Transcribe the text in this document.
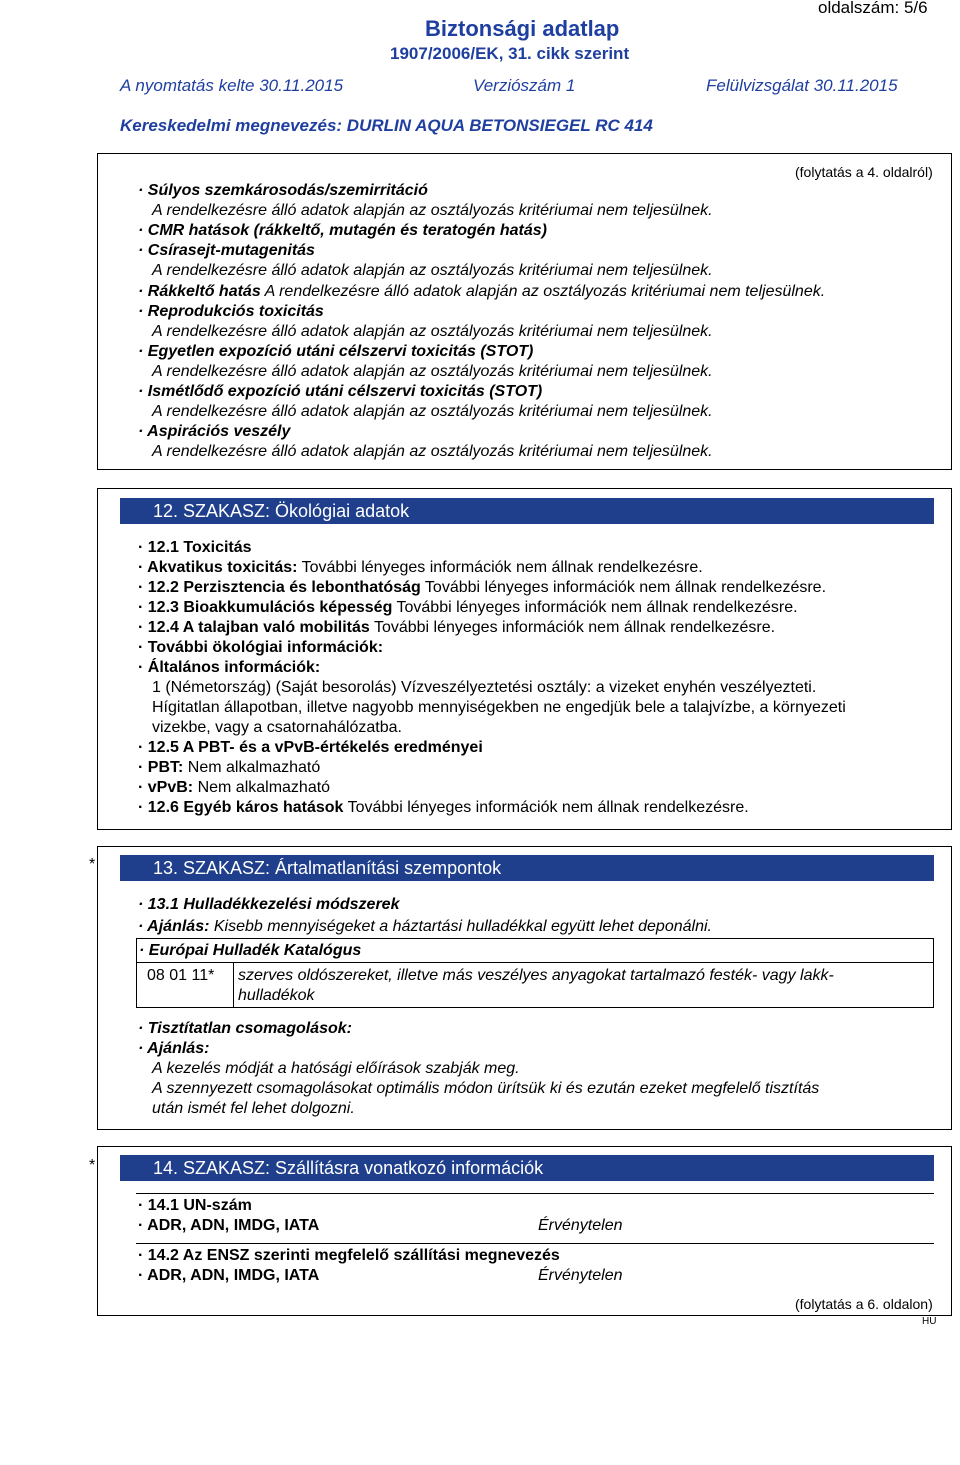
oldalszám: 5/6
Biztonsági adatlap
1907/2006/EK, 31. cikk szerint
A nyomtatás kelte 30.11.2015	Verziószám 1	Felülvizsgálat 30.11.2015
Kereskedelmi megnevezés: DURLIN AQUA BETONSIEGEL RC 414
(folytatás a 4. oldalról)
· Súlyos szemkárosodás/szemirritáció
A rendelkezésre álló adatok alapján az osztályozás kritériumai nem teljesülnek.
· CMR hatások (rákkeltő, mutagén és teratogén hatás)
· Csírasejt-mutagenitás
A rendelkezésre álló adatok alapján az osztályozás kritériumai nem teljesülnek.
· Rákkeltő hatás A rendelkezésre álló adatok alapján az osztályozás kritériumai nem teljesülnek.
· Reprodukciós toxicitás
A rendelkezésre álló adatok alapján az osztályozás kritériumai nem teljesülnek.
· Egyetlen expozíció utáni célszervi toxicitás (STOT)
A rendelkezésre álló adatok alapján az osztályozás kritériumai nem teljesülnek.
· Ismétlődő expozíció utáni célszervi toxicitás (STOT)
A rendelkezésre álló adatok alapján az osztályozás kritériumai nem teljesülnek.
· Aspirációs veszély
A rendelkezésre álló adatok alapján az osztályozás kritériumai nem teljesülnek.
12. SZAKASZ: Ökológiai adatok
· 12.1 Toxicitás
· Akvatikus toxicitás: További lényeges információk nem állnak rendelkezésre.
· 12.2 Perzisztencia és lebonthatóság További lényeges információk nem állnak rendelkezésre.
· 12.3 Bioakkumulációs képesség További lényeges információk nem állnak rendelkezésre.
· 12.4 A talajban való mobilitás További lényeges információk nem állnak rendelkezésre.
· További ökológiai információk:
· Általános információk:
1 (Németország) (Saját besorolás) Vízveszélyeztetési osztály: a vizeket enyhén veszélyezteti.
Hígitatlan állapotban, illetve nagyobb mennyiségekben ne engedjük bele a talajvízbe, a környezeti
vizekbe, vagy a csatornahálózatba.
· 12.5 A PBT- és a vPvB-értékelés eredményei
· PBT: Nem alkalmazható
· vPvB: Nem alkalmazható
· 12.6 Egyéb káros hatások További lényeges információk nem állnak rendelkezésre.
*	13. SZAKASZ: Ártalmatlanítási szempontok
· 13.1 Hulladékkezelési módszerek
· Ajánlás: Kisebb mennyiségeket a háztartási hulladékkal együtt lehet deponálni.
· Európai Hulladék Katalógus
08 01 11* szerves oldószereket, illetve más veszélyes anyagokat tartalmazó festék- vagy lakk-
hulladékok
· Tisztítatlan csomagolások:
· Ajánlás:
A kezelés módját a hatósági előírások szabják meg.
A szennyezett csomagolásokat optimális módon ürítsük ki és ezután ezeket megfelelő tisztítás
után ismét fel lehet dolgozni.
*	14. SZAKASZ: Szállításra vonatkozó információk
· 14.1 UN-szám
· ADR, ADN, IMDG, IATA	Érvénytelen
· 14.2 Az ENSZ szerinti megfelelő szállítási megnevezés
· ADR, ADN, IMDG, IATA	Érvénytelen
(folytatás a 6. oldalon)
HU
